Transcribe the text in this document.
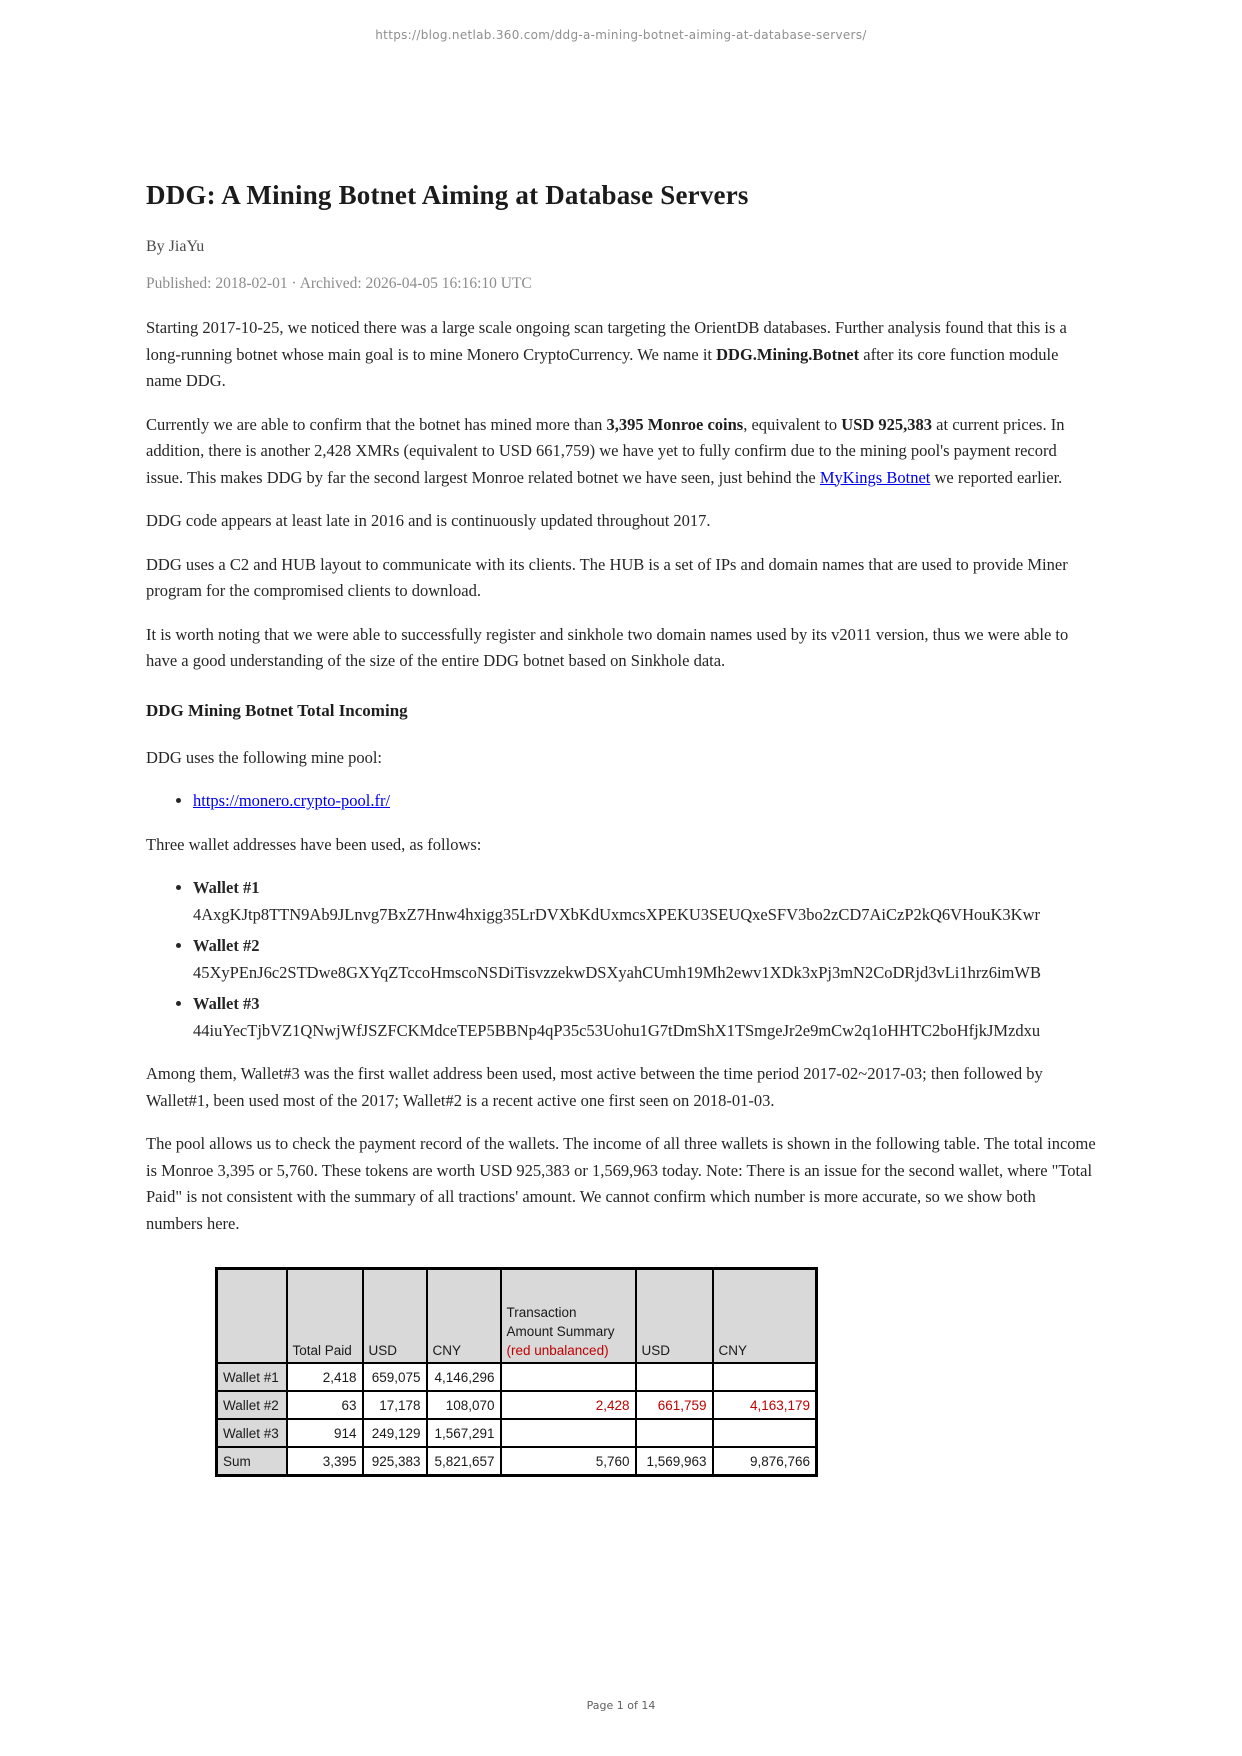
https://blog.netlab.360.com/ddg-a-mining-botnet-aiming-at-database-servers/
DDG: A Mining Botnet Aiming at Database Servers
By JiaYu
Published: 2018-02-01 · Archived: 2026-04-05 16:16:10 UTC

Starting 2017-10-25, we noticed there was a large scale ongoing scan targeting the OrientDB databases. Further analysis found that this is a long-running botnet whose main goal is to mine Monero CryptoCurrency. We name it DDG.Mining.Botnet after its core function module name DDG.

Currently we are able to confirm that the botnet has mined more than 3,395 Monroe coins, equivalent to USD 925,383 at current prices. In addition, there is another 2,428 XMRs (equivalent to USD 661,759) we have yet to fully confirm due to the mining pool's payment record issue. This makes DDG by far the second largest Monroe related botnet we have seen, just behind the MyKings Botnet we reported earlier.

DDG code appears at least late in 2016 and is continuously updated throughout 2017.

DDG uses a C2 and HUB layout to communicate with its clients. The HUB is a set of IPs and domain names that are used to provide Miner program for the compromised clients to download.

It is worth noting that we were able to successfully register and sinkhole two domain names used by its v2011 version, thus we were able to have a good understanding of the size of the entire DDG botnet based on Sinkhole data.

DDG Mining Botnet Total Incoming

DDG uses the following mine pool:

• https://monero.crypto-pool.fr/

Three wallet addresses have been used, as follows:

• Wallet #1
4AxgKJtp8TTN9Ab9JLnvg7BxZ7Hnw4hxigg35LrDVXbKdUxmcsXPEKU3SEUQxeSFV3bo2zCD7AiCzP2kQ6VHouK3Kwr
• Wallet #2
45XyPEnJ6c2STDwe8GXYqZTccoHmscoNSDiTisvzzekwDSXyahCUmh19Mh2ewv1XDk3xPj3mN2CoDRjd3vLi1hrz6imWB
• Wallet #3
44iuYecTjbVZ1QNwjWfJSZFCKMdceTEP5BBNp4qP35c53Uohu1G7tDmShX1TSmgeJr2e9mCw2q1oHHTC2boHfjkJMzdxu

Among them, Wallet#3 was the first wallet address been used, most active between the time period 2017-02~2017-03; then followed by Wallet#1, been used most of the 2017; Wallet#2 is a recent active one first seen on 2018-01-03.

The pool allows us to check the payment record of the wallets. The income of all three wallets is shown in the following table. The total income is Monroe 3,395 or 5,760. These tokens are worth USD 925,383 or 1,569,963 today. Note: There is an issue for the second wallet, where "Total Paid" is not consistent with the summary of all tractions' amount. We cannot confirm which number is more accurate, so we show both numbers here.

	Total Paid	USD	CNY	Transaction
Amount Summary
(red unbalanced)	USD	CNY
Wallet #1	2,418	659,075	4,146,296			
Wallet #2	63	17,178	108,070	2,428	661,759	4,163,179
Wallet #3	914	249,129	1,567,291			
Sum	3,395	925,383	5,821,657	5,760	1,569,963	9,876,766
Page 1 of 14
